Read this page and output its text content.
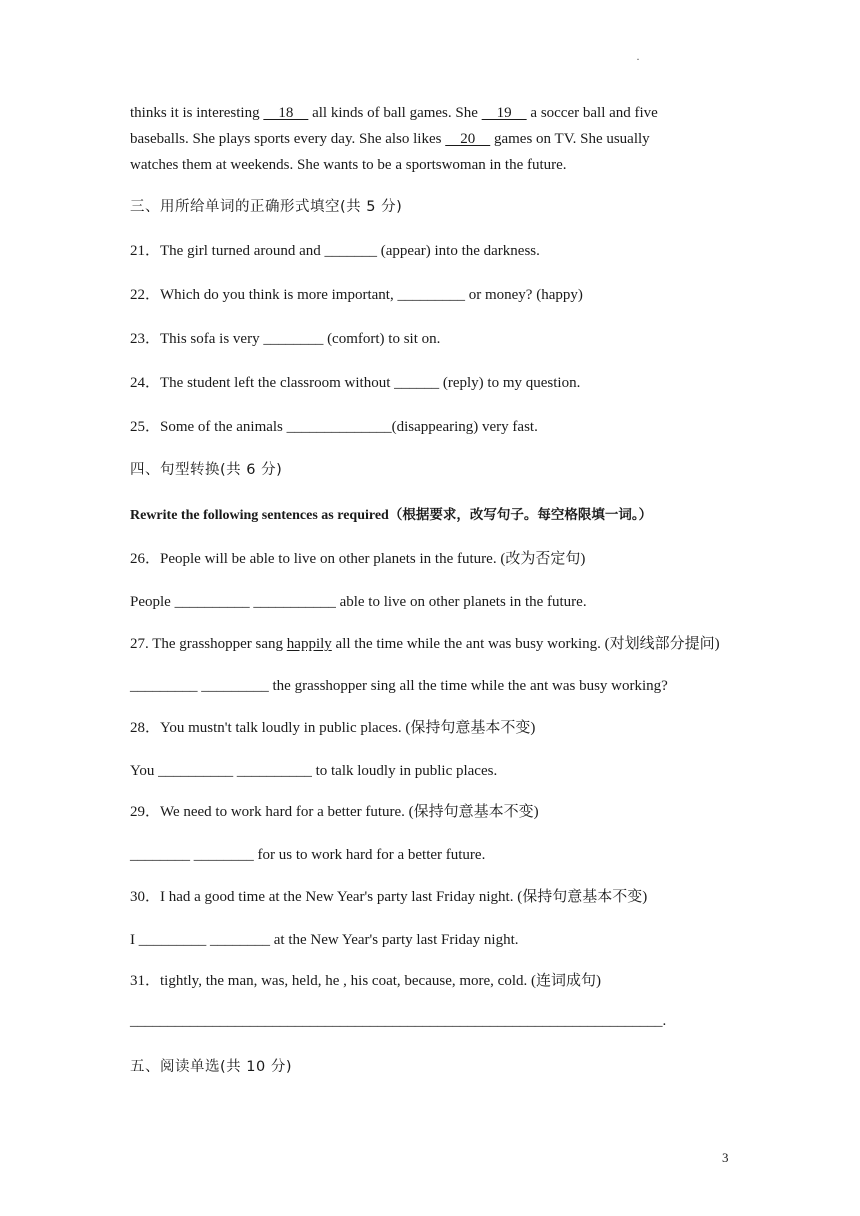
·
thinks it is interesting     18     all kinds of ball games. She     19     a soccer ball and five
baseballs. She plays sports every day. She also likes     20     games on TV. She usually
watches them at weekends. She wants to be a sportswoman in the future.
三、用所给单词的正确形式填空(共 5 分)
21．The girl turned around and _______ (appear) into the darkness.
22．Which do you think is more important, _________ or money? (happy)
23．This sofa is very ________ (comfort) to sit on.
24．The student left the classroom without ______ (reply) to my question.
25．Some of the animals ______________(disappearing) very fast.
四、句型转换(共 6 分)
Rewrite the following sentences as required（根据要求，改写句子。每空格限填一词。）
26．People will be able to live on other planets in the future. (改为否定句)
People __________ ___________ able to live on other planets in the future.
27. The grasshopper sang happily all the time while the ant was busy working. (对划线部分提问)
_________ _________ the grasshopper sing all the time while the ant was busy working?
28．You mustn't talk loudly in public places. (保持句意基本不变)
You __________ __________ to talk loudly in public places.
29．We need to work hard for a better future. (保持句意基本不变)
________ ________ for us to work hard for a better future.
30．I had a good time at the New Year's party last Friday night. (保持句意基本不变)
I _________ ________ at the New Year's party last Friday night.
31．tightly, the man, was, held, he , his coat, because, more, cold. (连词成句)
_______________________________________________________________________.
五、阅读单选(共 10 分)
3
